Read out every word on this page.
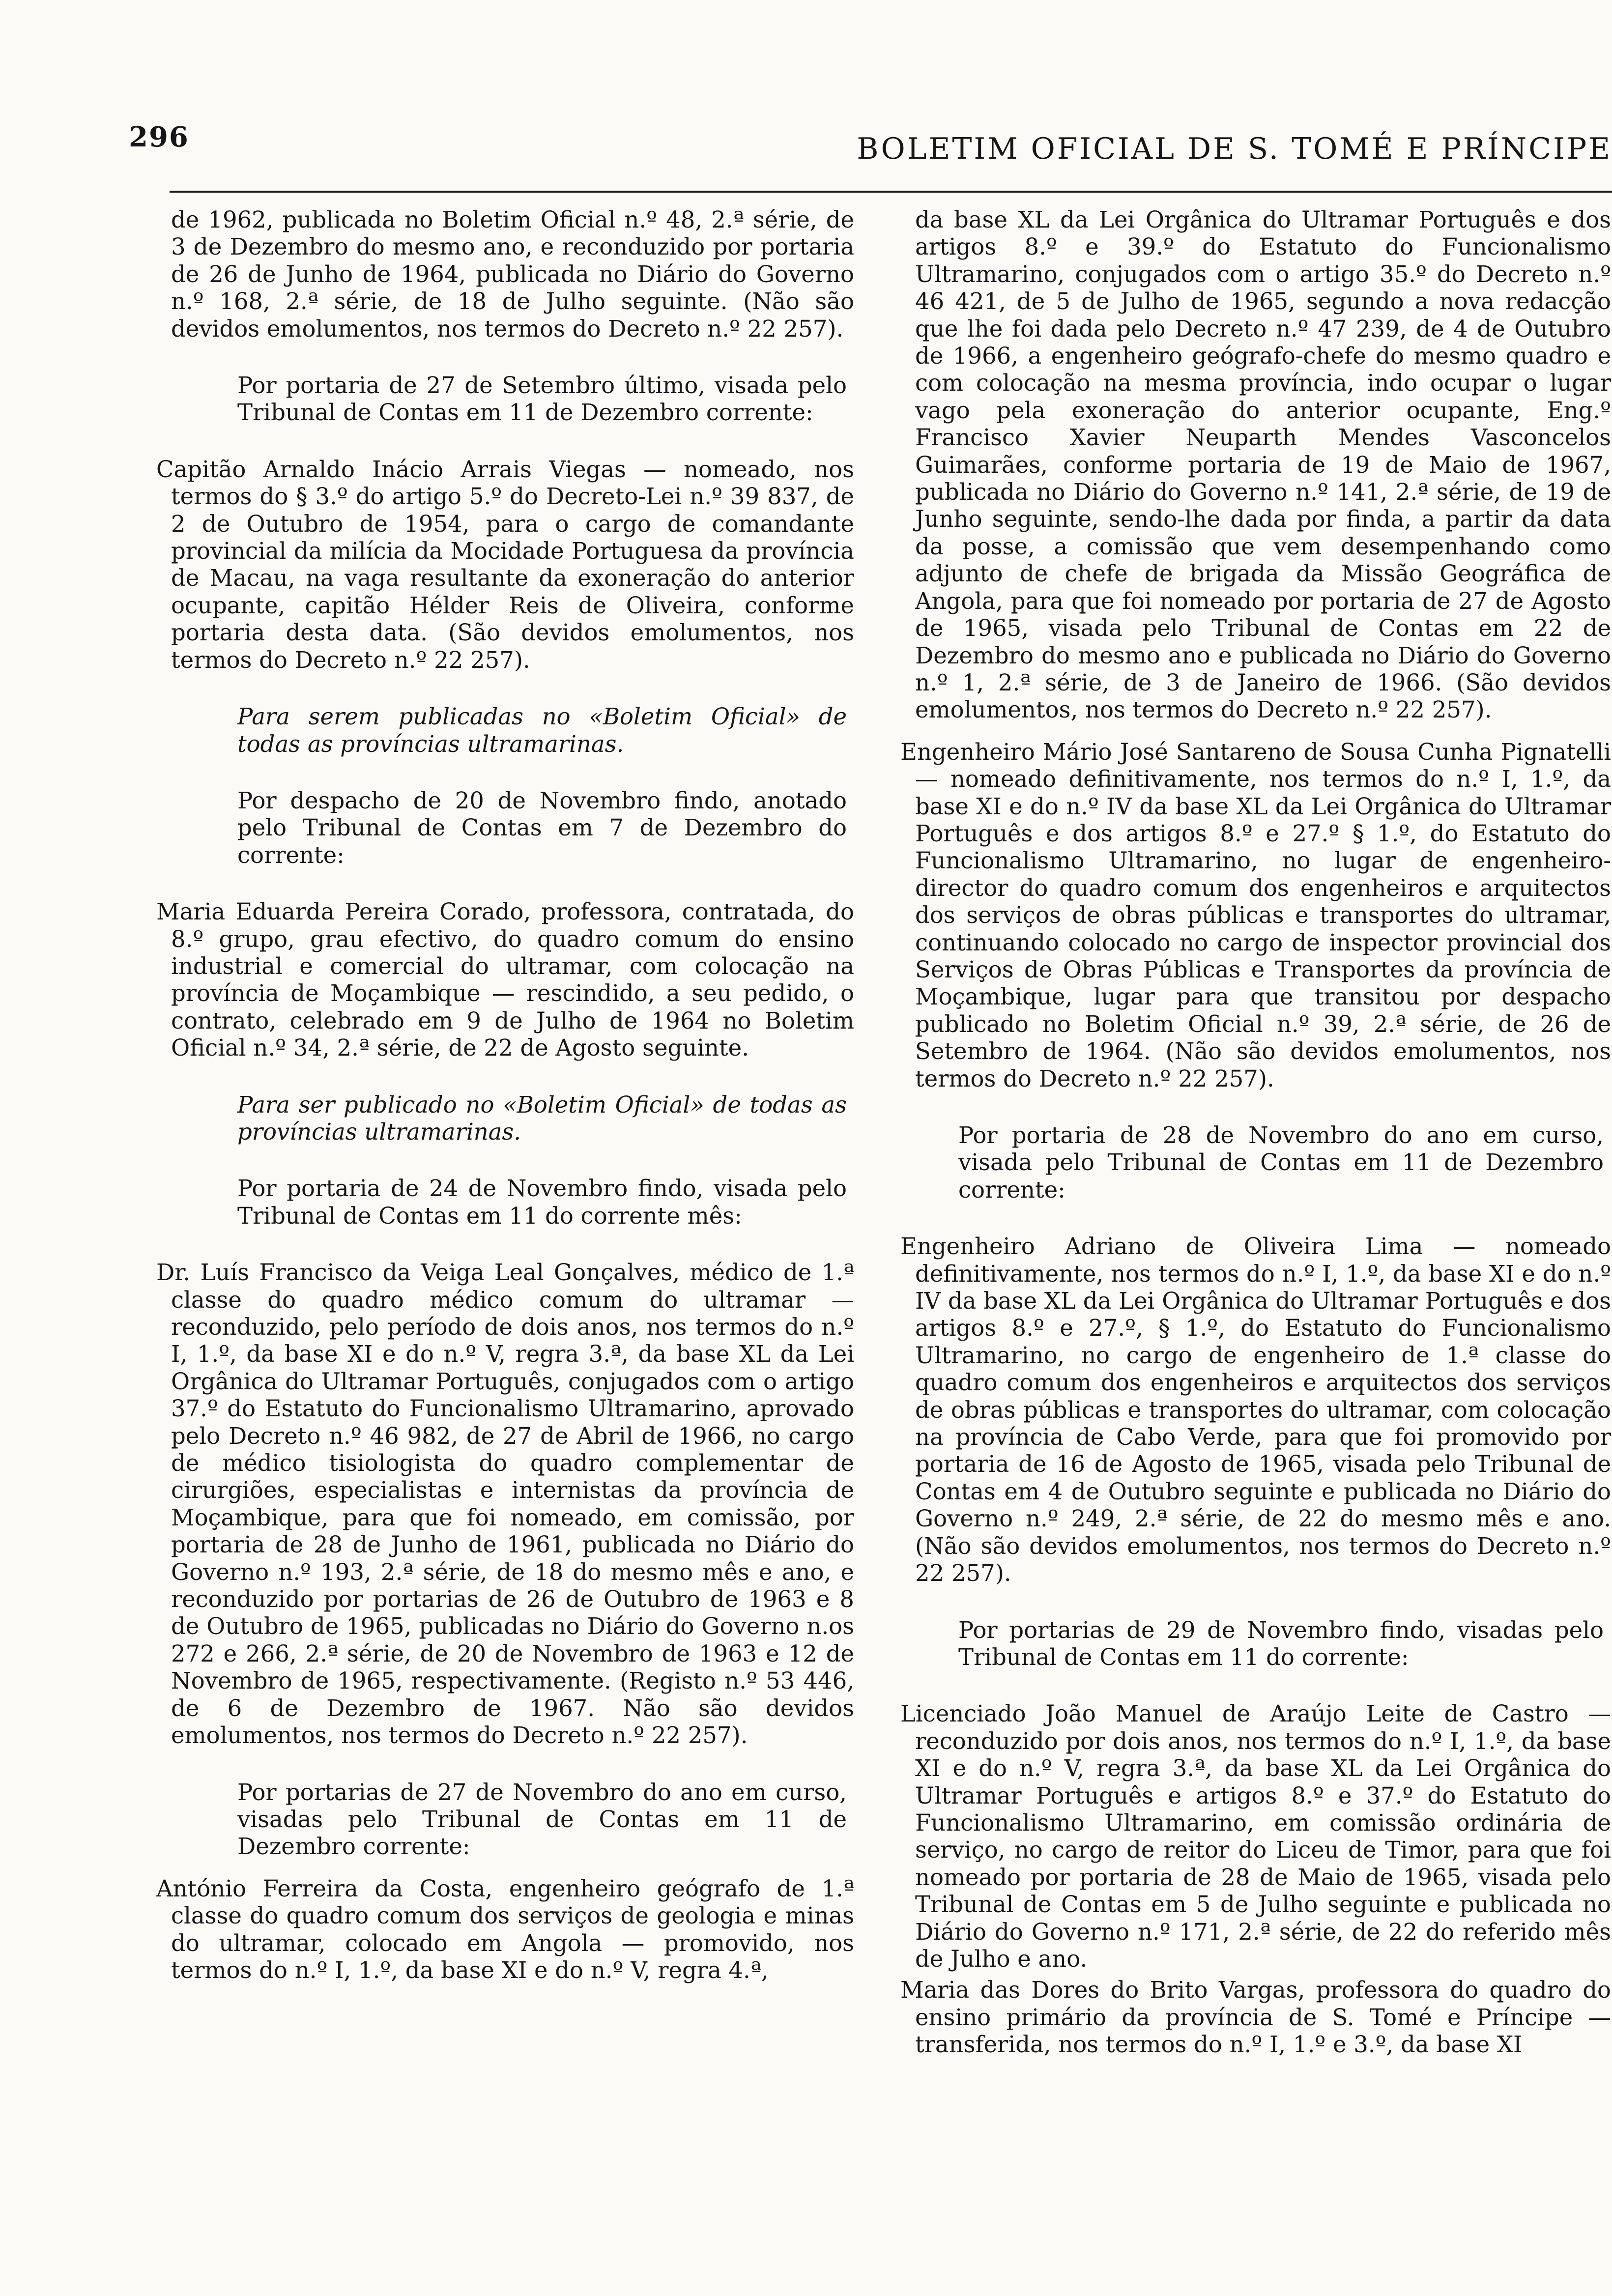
296	BOLETIM OFICIAL DE S. TOMÉ E PRÍNCIPE

de 1962, publicada no Boletim Oficial n.º 48, 2.ª série, de 3 de Dezembro do mesmo ano, e reconduzido por portaria de 26 de Junho de 1964, publicada no Diário do Governo n.º 168, 2.ª série, de 18 de Julho seguinte. (Não são devidos emolumentos, nos termos do Decreto n.º 22 257).

Por portaria de 27 de Setembro último, visada pelo Tribunal de Contas em 11 de Dezembro corrente:

Capitão Arnaldo Inácio Arrais Viegas — nomeado, nos termos do § 3.º do artigo 5.º do Decreto-Lei n.º 39 837, de 2 de Outubro de 1954, para o cargo de comandante provincial da milícia da Mocidade Portuguesa da província de Macau, na vaga resultante da exoneração do anterior ocupante, capitão Hélder Reis de Oliveira, conforme portaria desta data. (São devidos emolumentos, nos termos do Decreto n.º 22 257).

Para serem publicadas no «Boletim Oficial» de todas as províncias ultramarinas.

Por despacho de 20 de Novembro findo, anotado pelo Tribunal de Contas em 7 de Dezembro do corrente:

Maria Eduarda Pereira Corado, professora, contratada, do 8.º grupo, grau efectivo, do quadro comum do ensino industrial e comercial do ultramar, com colocação na província de Moçambique — rescindido, a seu pedido, o contrato, celebrado em 9 de Julho de 1964 no Boletim Oficial n.º 34, 2.ª série, de 22 de Agosto seguinte.

Para ser publicado no «Boletim Oficial» de todas as províncias ultramarinas.

Por portaria de 24 de Novembro findo, visada pelo Tribunal de Contas em 11 do corrente mês:

Dr. Luís Francisco da Veiga Leal Gonçalves, médico de 1.ª classe do quadro médico comum do ultramar — reconduzido, pelo período de dois anos, nos termos do n.º I, 1.º, da base XI e do n.º V, regra 3.ª, da base XL da Lei Orgânica do Ultramar Português, conjugados com o artigo 37.º do Estatuto do Funcionalismo Ultramarino, aprovado pelo Decreto n.º 46 982, de 27 de Abril de 1966, no cargo de médico tisiologista do quadro complementar de cirurgiões, especialistas e internistas da província de Moçambique, para que foi nomeado, em comissão, por portaria de 28 de Junho de 1961, publicada no Diário do Governo n.º 193, 2.ª série, de 18 do mesmo mês e ano, e reconduzido por portarias de 26 de Outubro de 1963 e 8 de Outubro de 1965, publicadas no Diário do Governo n.os 272 e 266, 2.ª série, de 20 de Novembro de 1963 e 12 de Novembro de 1965, respectivamente. (Registo n.º 53 446, de 6 de Dezembro de 1967. Não são devidos emolumentos, nos termos do Decreto n.º 22 257).

Por portarias de 27 de Novembro do ano em curso, visadas pelo Tribunal de Contas em 11 de Dezembro corrente:

António Ferreira da Costa, engenheiro geógrafo de 1.ª classe do quadro comum dos serviços de geologia e minas do ultramar, colocado em Angola — promovido, nos termos do n.º I, 1.º, da base XI e do n.º V, regra 4.ª,

da base XL da Lei Orgânica do Ultramar Português e dos artigos 8.º e 39.º do Estatuto do Funcionalismo Ultramarino, conjugados com o artigo 35.º do Decreto n.º 46 421, de 5 de Julho de 1965, segundo a nova redacção que lhe foi dada pelo Decreto n.º 47 239, de 4 de Outubro de 1966, a engenheiro geógrafo-chefe do mesmo quadro e com colocação na mesma província, indo ocupar o lugar vago pela exoneração do anterior ocupante, Eng.º Francisco Xavier Neuparth Mendes Vasconcelos Guimarães, conforme portaria de 19 de Maio de 1967, publicada no Diário do Governo n.º 141, 2.ª série, de 19 de Junho seguinte, sendo-lhe dada por finda, a partir da data da posse, a comissão que vem desempenhando como adjunto de chefe de brigada da Missão Geográfica de Angola, para que foi nomeado por portaria de 27 de Agosto de 1965, visada pelo Tribunal de Contas em 22 de Dezembro do mesmo ano e publicada no Diário do Governo n.º 1, 2.ª série, de 3 de Janeiro de 1966. (São devidos emolumentos, nos termos do Decreto n.º 22 257).

Engenheiro Mário José Santareno de Sousa Cunha Pignatelli — nomeado definitivamente, nos termos do n.º I, 1.º, da base XI e do n.º IV da base XL da Lei Orgânica do Ultramar Português e dos artigos 8.º e 27.º § 1.º, do Estatuto do Funcionalismo Ultramarino, no lugar de engenheiro-director do quadro comum dos engenheiros e arquitectos dos serviços de obras públicas e transportes do ultramar, continuando colocado no cargo de inspector provincial dos Serviços de Obras Públicas e Transportes da província de Moçambique, lugar para que transitou por despacho publicado no Boletim Oficial n.º 39, 2.ª série, de 26 de Setembro de 1964. (Não são devidos emolumentos, nos termos do Decreto n.º 22 257).

Por portaria de 28 de Novembro do ano em curso, visada pelo Tribunal de Contas em 11 de Dezembro corrente:

Engenheiro Adriano de Oliveira Lima — nomeado definitivamente, nos termos do n.º I, 1.º, da base XI e do n.º IV da base XL da Lei Orgânica do Ultramar Português e dos artigos 8.º e 27.º, § 1.º, do Estatuto do Funcionalismo Ultramarino, no cargo de engenheiro de 1.ª classe do quadro comum dos engenheiros e arquitectos dos serviços de obras públicas e transportes do ultramar, com colocação na província de Cabo Verde, para que foi promovido por portaria de 16 de Agosto de 1965, visada pelo Tribunal de Contas em 4 de Outubro seguinte e publicada no Diário do Governo n.º 249, 2.ª série, de 22 do mesmo mês e ano. (Não são devidos emolumentos, nos termos do Decreto n.º 22 257).

Por portarias de 29 de Novembro findo, visadas pelo Tribunal de Contas em 11 do corrente:

Licenciado João Manuel de Araújo Leite de Castro — reconduzido por dois anos, nos termos do n.º I, 1.º, da base XI e do n.º V, regra 3.ª, da base XL da Lei Orgânica do Ultramar Português e artigos 8.º e 37.º do Estatuto do Funcionalismo Ultramarino, em comissão ordinária de serviço, no cargo de reitor do Liceu de Timor, para que foi nomeado por portaria de 28 de Maio de 1965, visada pelo Tribunal de Contas em 5 de Julho seguinte e publicada no Diário do Governo n.º 171, 2.ª série, de 22 do referido mês de Julho e ano.

Maria das Dores do Brito Vargas, professora do quadro do ensino primário da província de S. Tomé e Príncipe — transferida, nos termos do n.º I, 1.º e 3.º, da base XI
